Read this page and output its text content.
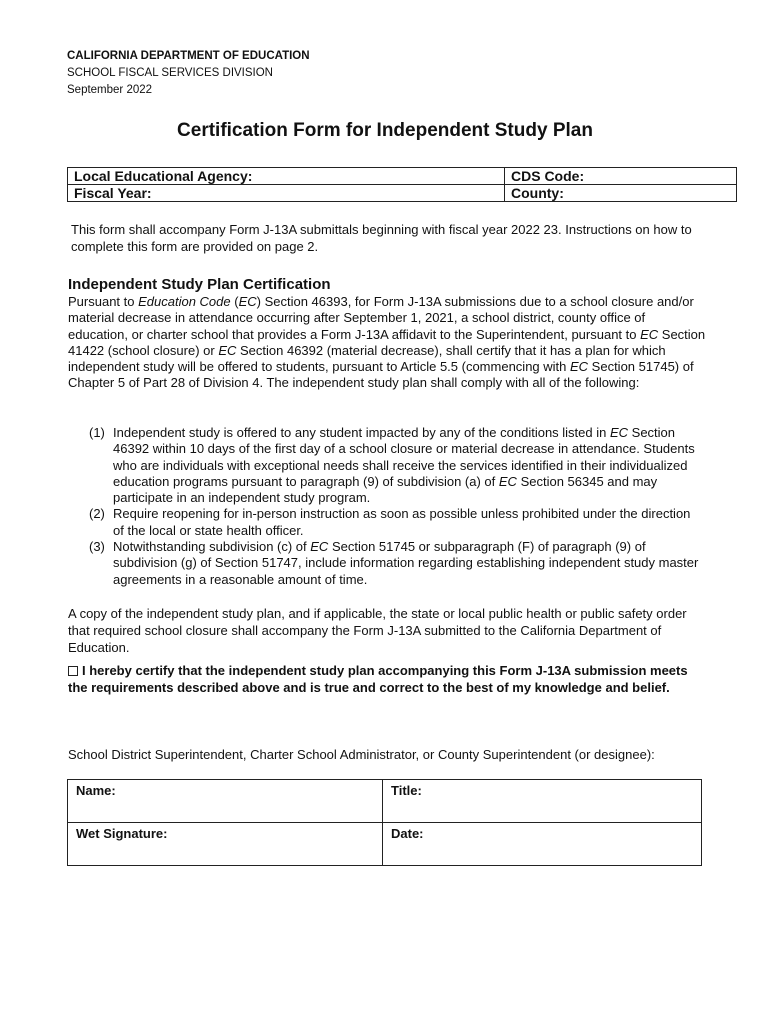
CALIFORNIA DEPARTMENT OF EDUCATION
SCHOOL FISCAL SERVICES DIVISION
September 2022
Certification Form for Independent Study Plan
Local Educational Agency:	CDS Code:
Fiscal Year:	County:
This form shall accompany Form J-13A submittals beginning with fiscal year 2022 23. Instructions on how to complete this form are provided on page 2.
Independent Study Plan Certification
Pursuant to Education Code (EC) Section 46393, for Form J-13A submissions due to a school closure and/or material decrease in attendance occurring after September 1, 2021, a school district, county office of education, or charter school that provides a Form J-13A affidavit to the Superintendent, pursuant to EC Section 41422 (school closure) or EC Section 46392 (material decrease), shall certify that it has a plan for which independent study will be offered to students, pursuant to Article 5.5 (commencing with EC Section 51745) of Chapter 5 of Part 28 of Division 4. The independent study plan shall comply with all of the following:
(1) Independent study is offered to any student impacted by any of the conditions listed in EC Section 46392 within 10 days of the first day of a school closure or material decrease in attendance. Students who are individuals with exceptional needs shall receive the services identified in their individualized education programs pursuant to paragraph (9) of subdivision (a) of EC Section 56345 and may participate in an independent study program.
(2) Require reopening for in-person instruction as soon as possible unless prohibited under the direction of the local or state health officer.
(3) Notwithstanding subdivision (c) of EC Section 51745 or subparagraph (F) of paragraph (9) of subdivision (g) of Section 51747, include information regarding establishing independent study master agreements in a reasonable amount of time.
A copy of the independent study plan, and if applicable, the state or local public health or public safety order that required school closure shall accompany the Form J-13A submitted to the California Department of Education.
I hereby certify that the independent study plan accompanying this Form J-13A submission meets the requirements described above and is true and correct to the best of my knowledge and belief.
School District Superintendent, Charter School Administrator, or County Superintendent (or designee):
Name:	Title:
Wet Signature:	Date:
